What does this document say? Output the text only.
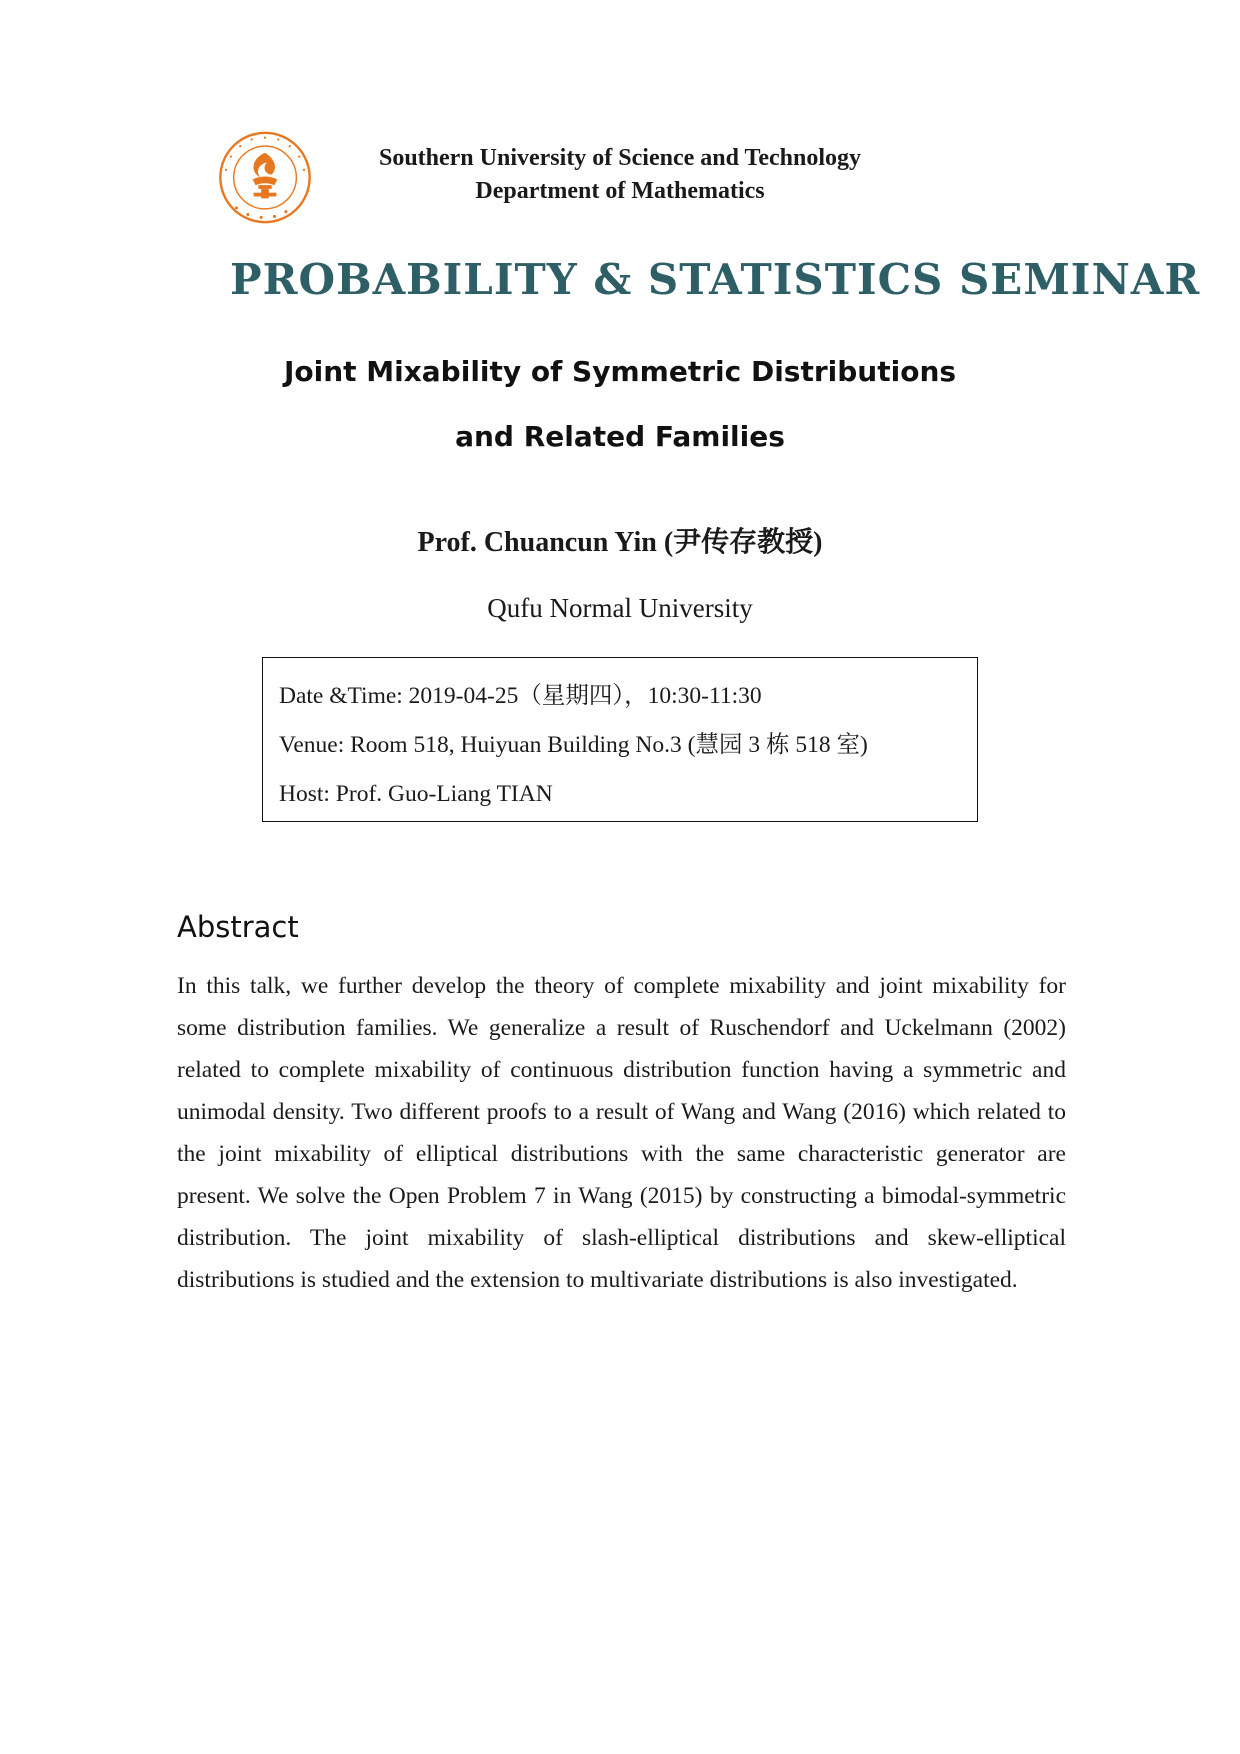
Southern University of Science and Technology
Department of Mathematics
PROBABILITY & STATISTICS SEMINAR
Joint Mixability of Symmetric Distributions
and Related Families
Prof. Chuancun Yin (尹传存教授)
Qufu Normal University
Date &Time: 2019-04-25（星期四），10:30-11:30
Venue: Room 518, Huiyuan Building No.3 (慧园 3 栋 518 室)
Host: Prof. Guo-Liang TIAN
Abstract
In this talk, we further develop the theory of complete mixability and joint mixability for some distribution families. We generalize a result of Ruschendorf and Uckelmann (2002) related to complete mixability of continuous distribution function having a symmetric and unimodal density. Two different proofs to a result of Wang and Wang (2016) which related to the joint mixability of elliptical distributions with the same characteristic generator are present. We solve the Open Problem 7 in Wang (2015) by constructing a bimodal-symmetric distribution. The joint mixability of slash-elliptical distributions and skew-elliptical distributions is studied and the extension to multivariate distributions is also investigated.
